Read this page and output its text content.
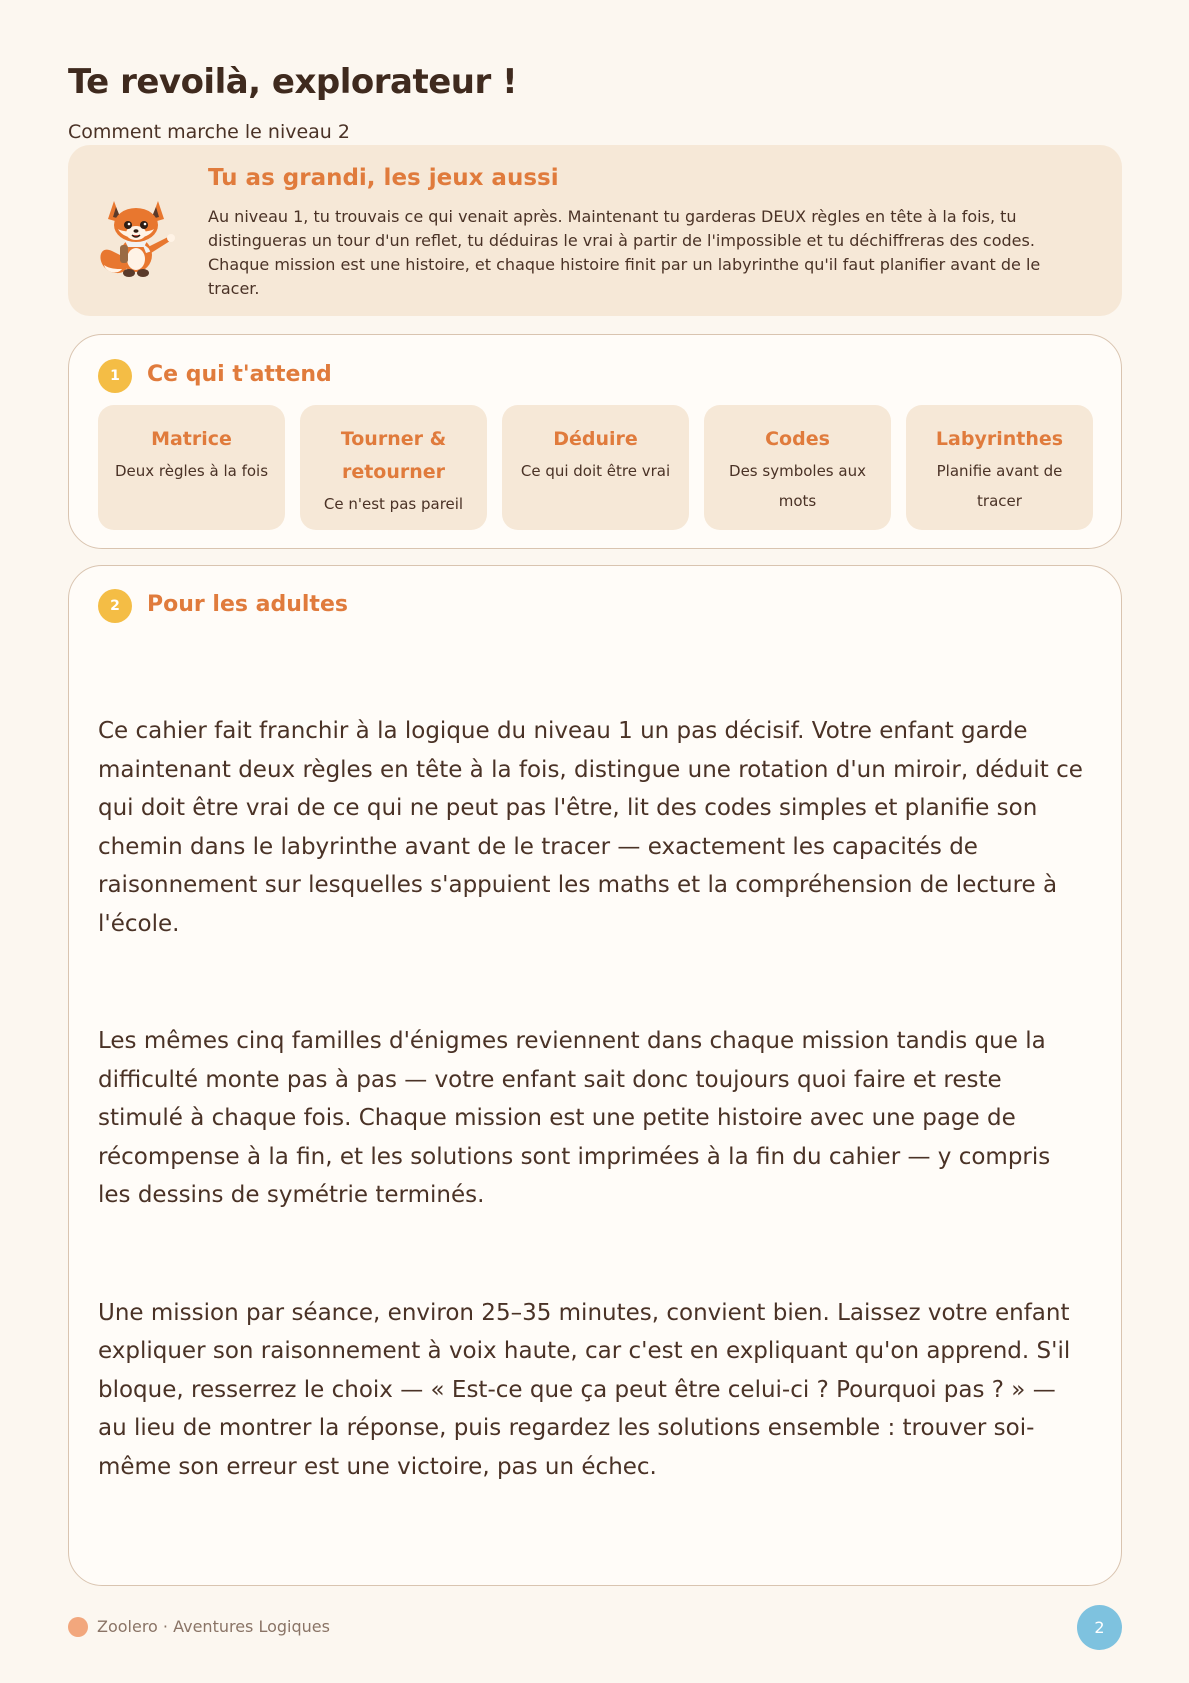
Te revoilà, explorateur !
Comment marche le niveau 2
Tu as grandi, les jeux aussi
Au niveau 1, tu trouvais ce qui venait après. Maintenant tu garderas DEUX règles en tête à la fois, tu distingueras un tour d'un reflet, tu déduiras le vrai à partir de l'impossible et tu déchiffreras des codes. Chaque mission est une histoire, et chaque histoire finit par un labyrinthe qu'il faut planifier avant de le tracer.
1	Ce qui t'attend
Matrice
Deux règles à la fois
Tourner & retourner
Ce n'est pas pareil
Déduire
Ce qui doit être vrai
Codes
Des symboles aux mots
Labyrinthes
Planifie avant de tracer
2	Pour les adultes

Ce cahier fait franchir à la logique du niveau 1 un pas décisif. Votre enfant garde maintenant deux règles en tête à la fois, distingue une rotation d'un miroir, déduit ce qui doit être vrai de ce qui ne peut pas l'être, lit des codes simples et planifie son chemin dans le labyrinthe avant de le tracer — exactement les capacités de raisonnement sur lesquelles s'appuient les maths et la compréhension de lecture à l'école.

Les mêmes cinq familles d'énigmes reviennent dans chaque mission tandis que la difficulté monte pas à pas — votre enfant sait donc toujours quoi faire et reste stimulé à chaque fois. Chaque mission est une petite histoire avec une page de récompense à la fin, et les solutions sont imprimées à la fin du cahier — y compris les dessins de symétrie terminés.

Une mission par séance, environ 25–35 minutes, convient bien. Laissez votre enfant expliquer son raisonnement à voix haute, car c'est en expliquant qu'on apprend. S'il bloque, resserrez le choix — « Est-ce que ça peut être celui-ci ? Pourquoi pas ? » — au lieu de montrer la réponse, puis regardez les solutions ensemble : trouver soi-même son erreur est une victoire, pas un échec.

Zoolero · Aventures Logiques	2
